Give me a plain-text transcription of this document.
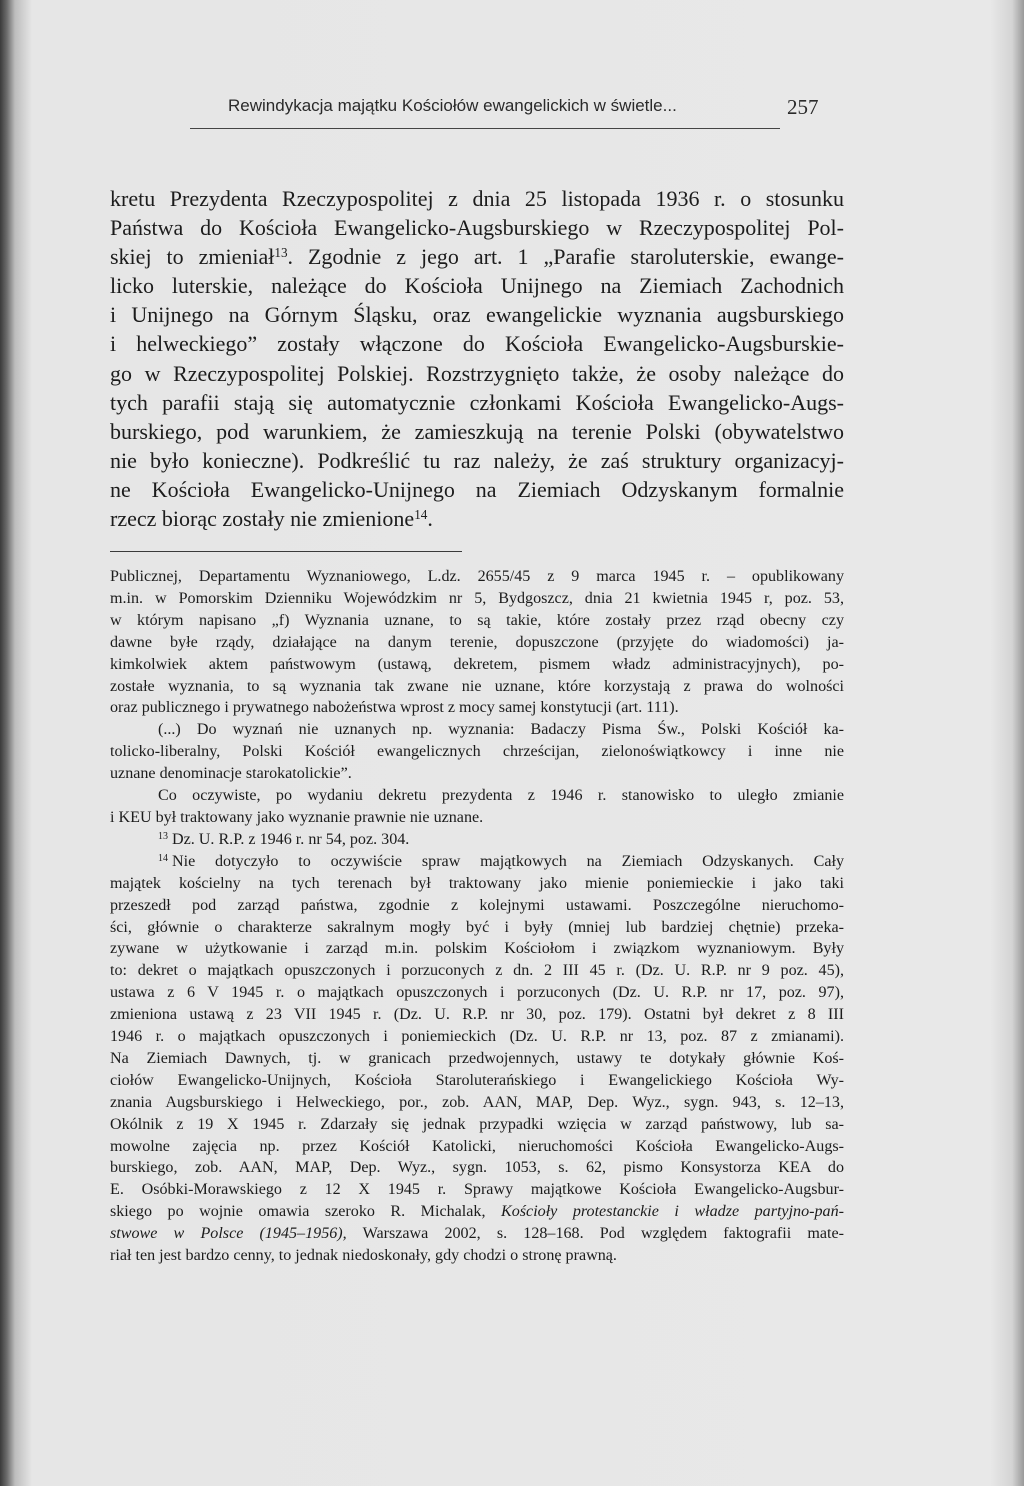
Rewindykacja majątku Kościołów ewangelickich w świetle...	257
kretu Prezydenta Rzeczypospolitej z dnia 25 listopada 1936 r. o stosunku
Państwa do Kościoła Ewangelicko-Augsburskiego w Rzeczypospolitej Pol-
skiej to zmieniał$^{13}$. Zgodnie z jego art. 1 „Parafie staroluterskie, ewange-
licko luterskie, należące do Kościoła Unijnego na Ziemiach Zachodnich
i Unijnego na Górnym Śląsku, oraz ewangelickie wyznania augsburskiego
i helweckiego” zostały włączone do Kościoła Ewangelicko-Augsburskie-
go w Rzeczypospolitej Polskiej. Rozstrzygnięto także, że osoby należące do
tych parafii stają się automatycznie członkami Kościoła Ewangelicko-Augs-
burskiego, pod warunkiem, że zamieszkują na terenie Polski (obywatelstwo
nie było konieczne). Podkreślić tu raz należy, że zaś struktury organizacyj-
ne Kościoła Ewangelicko-Unijnego na Ziemiach Odzyskanym formalnie
rzecz biorąc zostały nie zmienione$^{14}$.
Publicznej, Departamentu Wyznaniowego, L.dz. 2655/45 z 9 marca 1945 r. – opublikowany
m.in. w Pomorskim Dzienniku Wojewódzkim nr 5, Bydgoszcz, dnia 21 kwietnia 1945 r, poz. 53,
w którym napisano „f) Wyznania uznane, to są takie, które zostały przez rząd obecny czy
dawne byłe rządy, działające na danym terenie, dopuszczone (przyjęte do wiadomości) ja-
kimkolwiek aktem państwowym (ustawą, dekretem, pismem władz administracyjnych), po-
zostałe wyznania, to są wyznania tak zwane nie uznane, które korzystają z prawa do wolności
oraz publicznego i prywatnego nabożeństwa wprost z mocy samej konstytucji (art. 111).
(...) Do wyznań nie uznanych np. wyznania: Badaczy Pisma Św., Polski Kościół ka-
tolicko-liberalny, Polski Kościół ewangelicznych chrześcijan, zielonoświątkowcy i inne nie
uznane denominacje starokatolickie”.
Co oczywiste, po wydaniu dekretu prezydenta z 1946 r. stanowisko to uległo zmianie
i KEU był traktowany jako wyznanie prawnie nie uznane.
$^{13}$ Dz. U. R.P. z 1946 r. nr 54, poz. 304.
$^{14}$ Nie dotyczyło to oczywiście spraw majątkowych na Ziemiach Odzyskanych. Cały
majątek kościelny na tych terenach był traktowany jako mienie poniemieckie i jako taki
przeszedł pod zarząd państwa, zgodnie z kolejnymi ustawami. Poszczególne nieruchomo-
ści, głównie o charakterze sakralnym mogły być i były (mniej lub bardziej chętnie) przeka-
zywane w użytkowanie i zarząd m.in. polskim Kościołom i związkom wyznaniowym. Były
to: dekret o majątkach opuszczonych i porzuconych z dn. 2 III 45 r. (Dz. U. R.P. nr 9 poz. 45),
ustawa z 6 V 1945 r. o majątkach opuszczonych i porzuconych (Dz. U. R.P. nr 17, poz. 97),
zmieniona ustawą z 23 VII 1945 r. (Dz. U. R.P. nr 30, poz. 179). Ostatni był dekret z 8 III
1946 r. o majątkach opuszczonych i poniemieckich (Dz. U. R.P. nr 13, poz. 87 z zmianami).
Na Ziemiach Dawnych, tj. w granicach przedwojennych, ustawy te dotykały głównie Koś-
ciołów Ewangelicko-Unijnych, Kościoła Staroluterańskiego i Ewangelickiego Kościoła Wy-
znania Augsburskiego i Helweckiego, por., zob. AAN, MAP, Dep. Wyz., sygn. 943, s. 12–13,
Okólnik z 19 X 1945 r. Zdarzały się jednak przypadki wzięcia w zarząd państwowy, lub sa-
mowolne zajęcia np. przez Kościół Katolicki, nieruchomości Kościoła Ewangelicko-Augs-
burskiego, zob. AAN, MAP, Dep. Wyz., sygn. 1053, s. 62, pismo Konsystorza KEA do
E. Osóbki-Morawskiego z 12 X 1945 r. Sprawy majątkowe Kościoła Ewangelicko-Augsbur-
skiego po wojnie omawia szeroko R. Michalak, Kościoły protestanckie i władze partyjno-pań-
stwowe w Polsce (1945–1956), Warszawa 2002, s. 128–168. Pod względem faktografii mate-
riał ten jest bardzo cenny, to jednak niedoskonały, gdy chodzi o stronę prawną.
